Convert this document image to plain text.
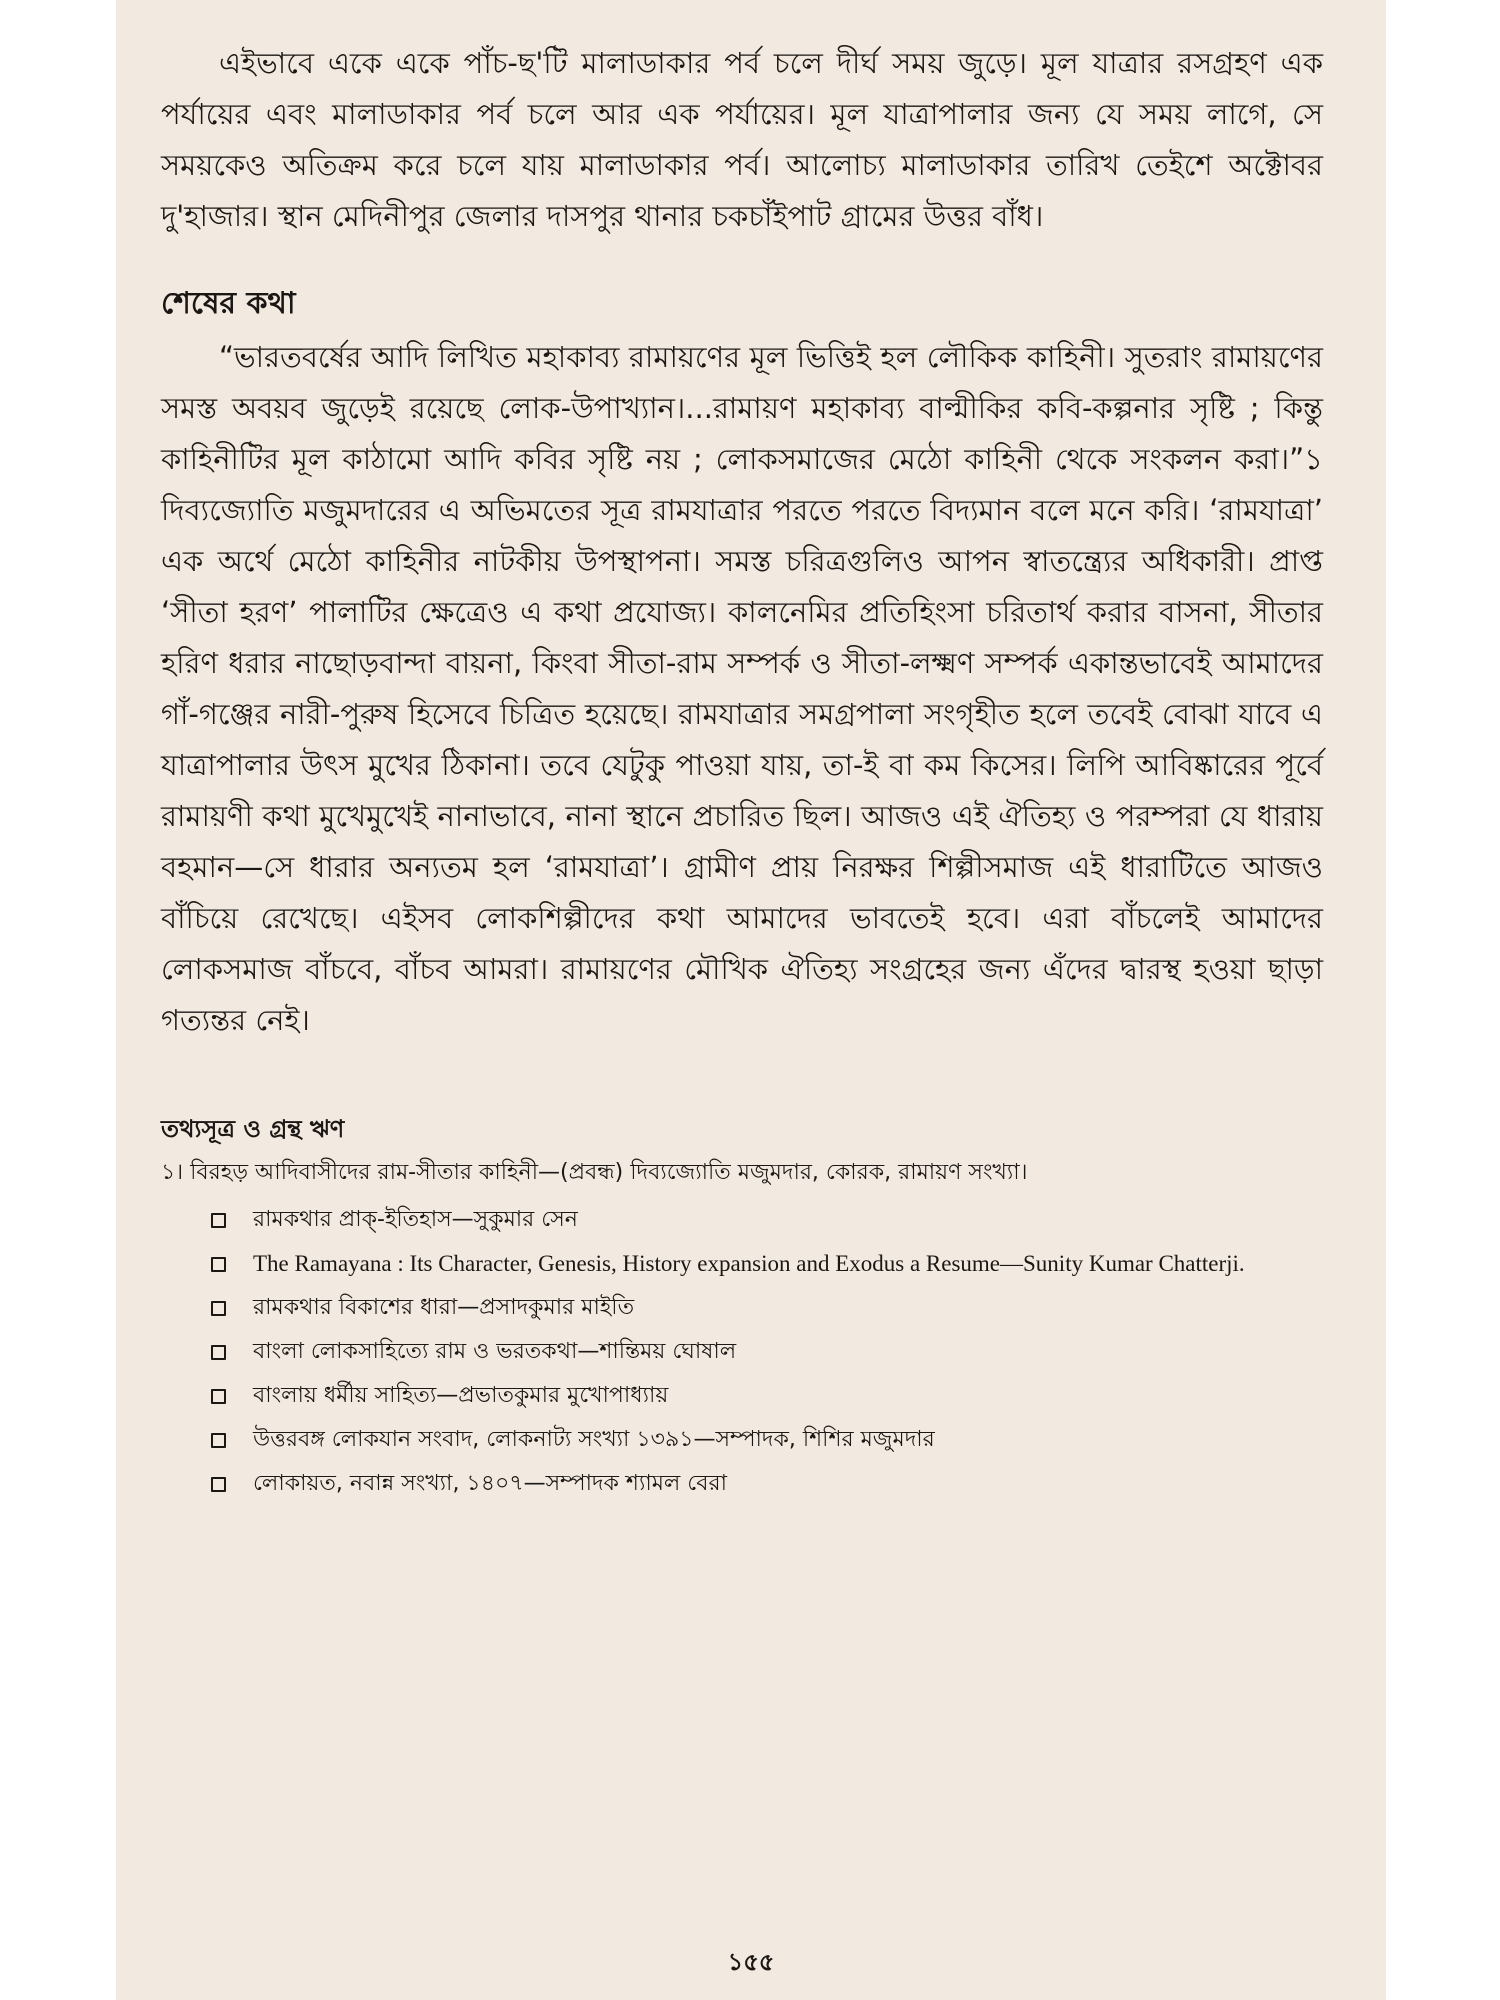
এইভাবে একে একে পাঁচ-ছ'টি মালাডাকার পর্ব চলে দীর্ঘ সময় জুড়ে। মূল যাত্রার রসগ্রহণ এক পর্যায়ের এবং মালাডাকার পর্ব চলে আর এক পর্যায়ের। মূল যাত্রাপালার জন্য যে সময় লাগে, সে সময়কেও অতিক্রম করে চলে যায় মালাডাকার পর্ব। আলোচ্য মালাডাকার তারিখ তেইশে অক্টোবর দু'হাজার। স্থান মেদিনীপুর জেলার দাসপুর থানার চকচাঁইপাট গ্রামের উত্তর বাঁধ।

শেষের কথা

“ভারতবর্ষের আদি লিখিত মহাকাব্য রামায়ণের মূল ভিত্তিই হল লৌকিক কাহিনী। সুতরাং রামায়ণের সমস্ত অবয়ব জুড়েই রয়েছে লোক-উপাখ্যান।...রামায়ণ মহাকাব্য বাল্মীকির কবি-কল্পনার সৃষ্টি ; কিন্তু কাহিনীটির মূল কাঠামো আদি কবির সৃষ্টি নয় ; লোকসমাজের মেঠো কাহিনী থেকে সংকলন করা।”১ দিব্যজ্যোতি মজুমদারের এ অভিমতের সূত্র রামযাত্রার পরতে পরতে বিদ্যমান বলে মনে করি। ‘রামযাত্রা’ এক অর্থে মেঠো কাহিনীর নাটকীয় উপস্থাপনা। সমস্ত চরিত্রগুলিও আপন স্বাতন্ত্র্যের অধিকারী। প্রাপ্ত ‘সীতা হরণ’ পালাটির ক্ষেত্রেও এ কথা প্রযোজ্য। কালনেমির প্রতিহিংসা চরিতার্থ করার বাসনা, সীতার হরিণ ধরার নাছোড়বান্দা বায়না, কিংবা সীতা-রাম সম্পর্ক ও সীতা-লক্ষ্মণ সম্পর্ক একান্তভাবেই আমাদের গাঁ-গঞ্জের নারী-পুরুষ হিসেবে চিত্রিত হয়েছে। রামযাত্রার সমগ্রপালা সংগৃহীত হলে তবেই বোঝা যাবে এ যাত্রাপালার উৎস মুখের ঠিকানা। তবে যেটুকু পাওয়া যায়, তা-ই বা কম কিসের। লিপি আবিষ্কারের পূর্বে রামায়ণী কথা মুখেমুখেই নানাভাবে, নানা স্থানে প্রচারিত ছিল। আজও এই ঐতিহ্য ও পরম্পরা যে ধারায় বহমান—সে ধারার অন্যতম হল ‘রামযাত্রা’। গ্রামীণ প্রায় নিরক্ষর শিল্পীসমাজ এই ধারাটিতে আজও বাঁচিয়ে রেখেছে। এইসব লোকশিল্পীদের কথা আমাদের ভাবতেই হবে। এরা বাঁচলেই আমাদের লোকসমাজ বাঁচবে, বাঁচব আমরা। রামায়ণের মৌখিক ঐতিহ্য সংগ্রহের জন্য এঁদের দ্বারস্থ হওয়া ছাড়া গত্যন্তর নেই।

তথ্যসূত্র ও গ্রন্থ ঋণ

১। বিরহড় আদিবাসীদের রাম-সীতার কাহিনী—(প্রবন্ধ) দিব্যজ্যোতি মজুমদার, কোরক, রামায়ণ সংখ্যা।

রামকথার প্রাক্-ইতিহাস—সুকুমার সেন
The Ramayana : Its Character, Genesis, History expansion and Exodus a Resume—Sunity Kumar Chatterji.
রামকথার বিকাশের ধারা—প্রসাদকুমার মাইতি
বাংলা লোকসাহিত্যে রাম ও ভরতকথা—শান্তিময় ঘোষাল
বাংলায় ধর্মীয় সাহিত্য—প্রভাতকুমার মুখোপাধ্যায়
উত্তরবঙ্গ লোকযান সংবাদ, লোকনাট্য সংখ্যা ১৩৯১—সম্পাদক, শিশির মজুমদার
লোকায়ত, নবান্ন সংখ্যা, ১৪০৭—সম্পাদক শ্যামল বেরা
১৫৫
